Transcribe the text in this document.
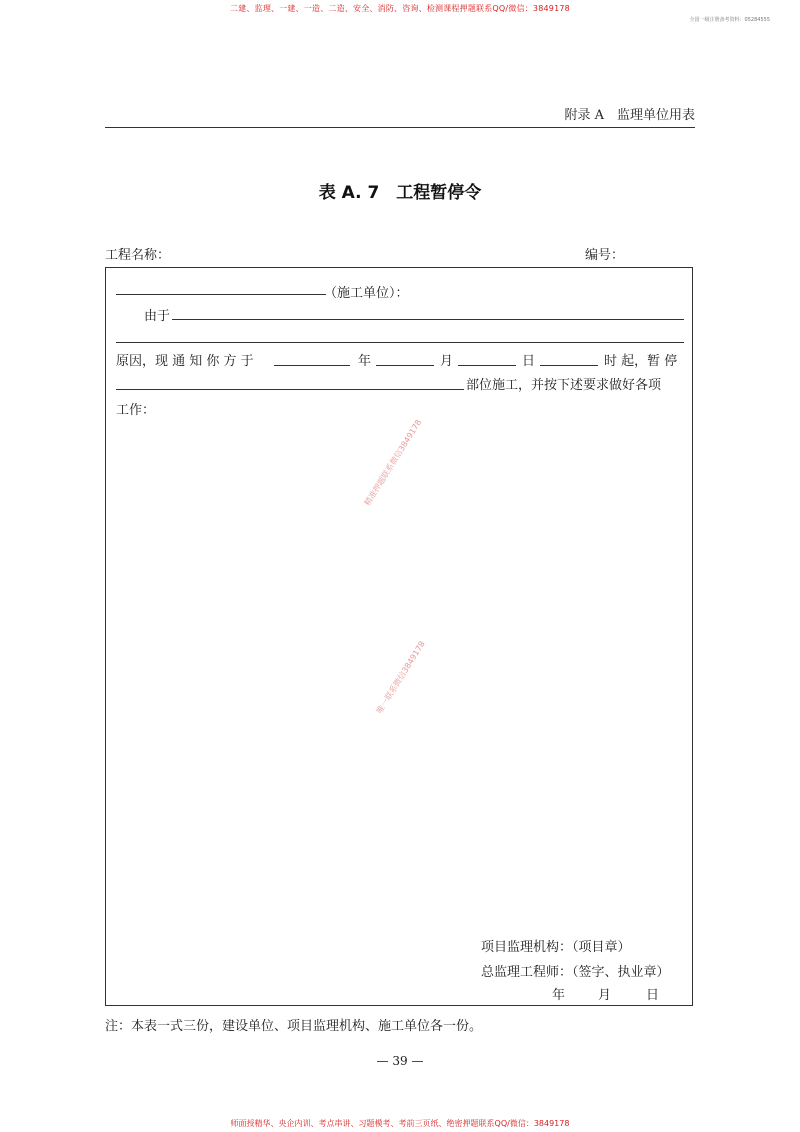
二建、监理、一建、一造、二造、安全、消防、咨询、检测课程押题联系QQ/微信：3849178
全国一级注册备考资料：05284555
附录 A　监理单位用表
表 A. 7　工程暂停令
工程名称：	编号：
（施工单位）：
由于
原因，现 通 知 你 方 于	年	月	日	时 起，暂 停
部位施工，并按下述要求做好各项
工作：
精准押题联系微信3849178
唯一联系微信3849178
项目监理机构：（项目章）
总监理工程师：（签字、执业章）
年	月	日
注：本表一式三份，建设单位、项目监理机构、施工单位各一份。
— 39 —
师面授精华、央企内训、考点串讲、习题模考、考前三页纸、绝密押题联系QQ/微信：3849178
